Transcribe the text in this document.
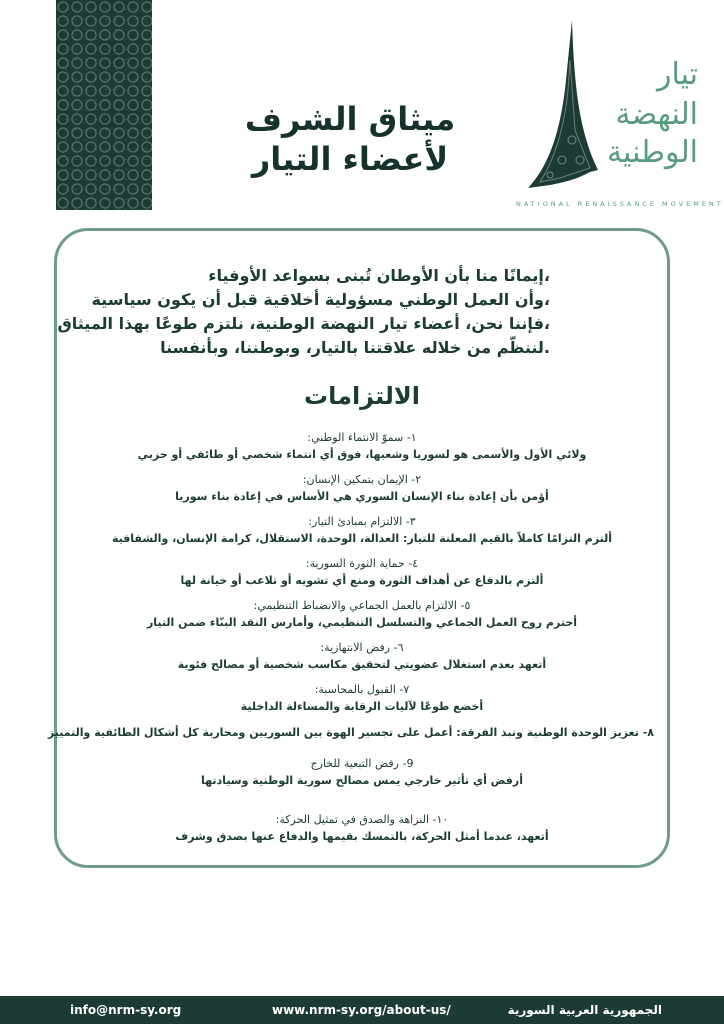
ميثاق الشرف
لأعضاء التيار
تيار
النهضة
الوطنية
NATIONAL RENAISSANCE MOVEMENT
،إيمانًا منا بأن الأوطان تُبنى بسواعد الأوفياء
،وأن العمل الوطني مسؤولية أخلاقية قبل أن يكون سياسية
،فإننا نحن، أعضاء تيار النهضة الوطنية، نلتزم طوعًا بهذا الميثاق
.لننظّم من خلاله علاقتنا بالتيار، وبوطننا، وبأنفسنا
الالتزامات
١- سموّ الانتماء الوطني:
ولائي الأول والأسمى هو لسوريا وشعبها، فوق أي انتماء شخصي أو طائفي أو حزبي
٢- الإيمان بتمكين الإنسان:
أؤمن بأن إعادة بناء الإنسان السوري هي الأساس في إعادة بناء سوريا
٣- الالتزام بمبادئ التيار:
ألتزم التزامًا كاملاً بالقيم المعلنة للتيار: العدالة، الوحدة، الاستقلال، كرامة الإنسان، والشفافية
٤- حماية الثورة السورية:
ألتزم بالدفاع عن أهداف الثورة ومنع أي تشويه أو تلاعب أو خيانة لها
٥- الالتزام بالعمل الجماعي والانضباط التنظيمي:
أحترم روح العمل الجماعي والتسلسل التنظيمي، وأمارس النقد البنّاء ضمن التيار
٦- رفض الانتهازية:
أتعهد بعدم استغلال عضويتي لتحقيق مكاسب شخصية أو مصالح فئوية
٧- القبول بالمحاسبة:
أخضع طوعًا لآليات الرقابة والمساءلة الداخلية
٨- تعزيز الوحدة الوطنية ونبذ الفرقة: أعمل على تجسير الهوة بين السوريين ومحاربة كل أشكال الطائفية والتمييز
9- رفض التبعية للخارج
أرفض أي تأثير خارجي يمس مصالح سورية الوطنية وسيادتها
١٠- النزاهة والصدق في تمثيل الحركة:
أتعهد، عندما أمثل الحركة، بالتمسك بقيمها والدفاع عنها بصدق وشرف
info@nrm-sy.org	www.nrm-sy.org/about-us/	الجمهورية العربية السورية
